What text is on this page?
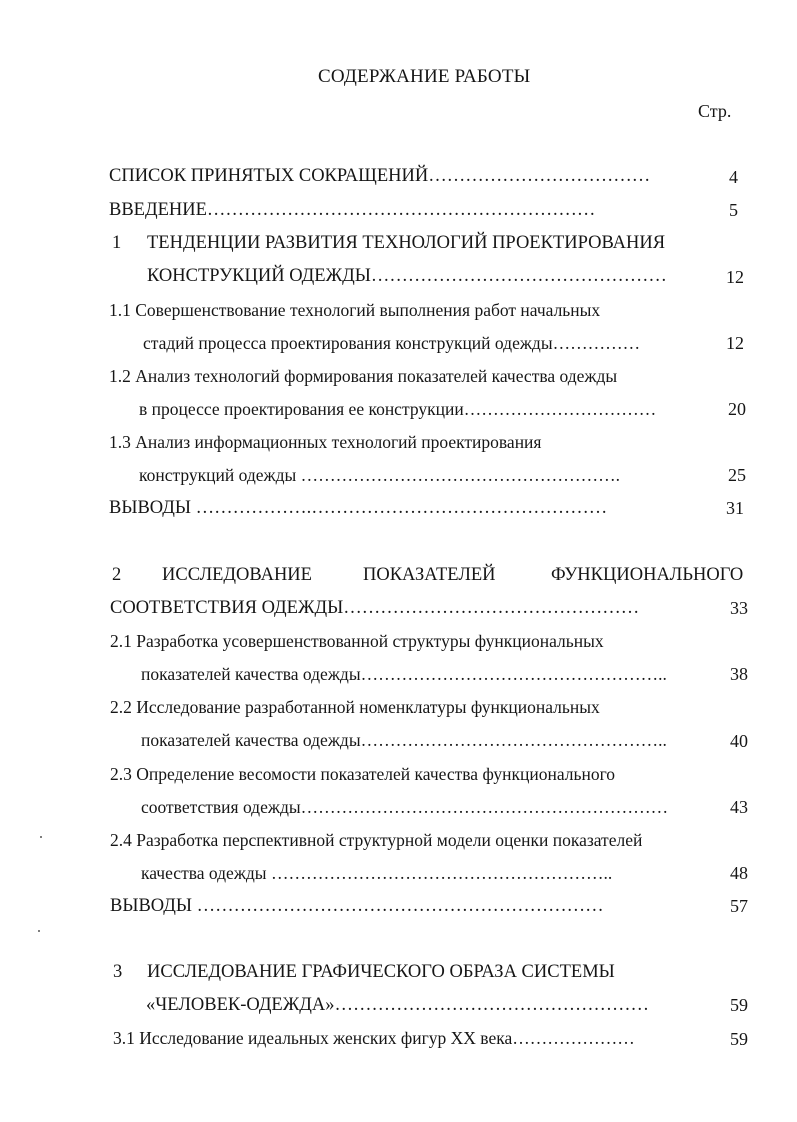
СОДЕРЖАНИЕ РАБОТЫ
Стр.
СПИСОК ПРИНЯТЫХ СОКРАЩЕНИЙ………………………………	4
ВВЕДЕНИЕ………………………………………………………	5
1 ТЕНДЕНЦИИ РАЗВИТИЯ ТЕХНОЛОГИЙ ПРОЕКТИРОВАНИЯ
КОНСТРУКЦИЙ ОДЕЖДЫ…………………………………………	12
1.1 Совершенствование технологий выполнения работ начальных
стадий процесса проектирования конструкций одежды……………	12
1.2 Анализ технологий формирования показателей качества одежды
в процессе проектирования ее конструкции……………………………	20
1.3 Анализ информационных технологий проектирования
конструкций одежды ……………………………………………….	25
ВЫВОДЫ ……………….…………………………………………	31
2 ИССЛЕДОВАНИЕ	ПОКАЗАТЕЛЕЙ	ФУНКЦИОНАЛЬНОГО
СООТВЕТСТВИЯ ОДЕЖДЫ…………………………………………	33
2.1 Разработка усовершенствованной структуры функциональных
показателей качества одежды……………………………………………..	38
2.2 Исследование разработанной номенклатуры функциональных
показателей качества одежды……………………………………………..	40
2.3 Определение весомости показателей качества функционального
соответствия одежды………………………………………………………	43
2.4 Разработка перспективной структурной модели оценки показателей
качества одежды …………………………………………………..	48
ВЫВОДЫ …………………………………………………………	57
3 ИССЛЕДОВАНИЕ ГРАФИЧЕСКОГО ОБРАЗА СИСТЕМЫ
«ЧЕЛОВЕК-ОДЕЖДА»……………………………………………	59
3.1 Исследование идеальных женских фигур XX века…………………	59
